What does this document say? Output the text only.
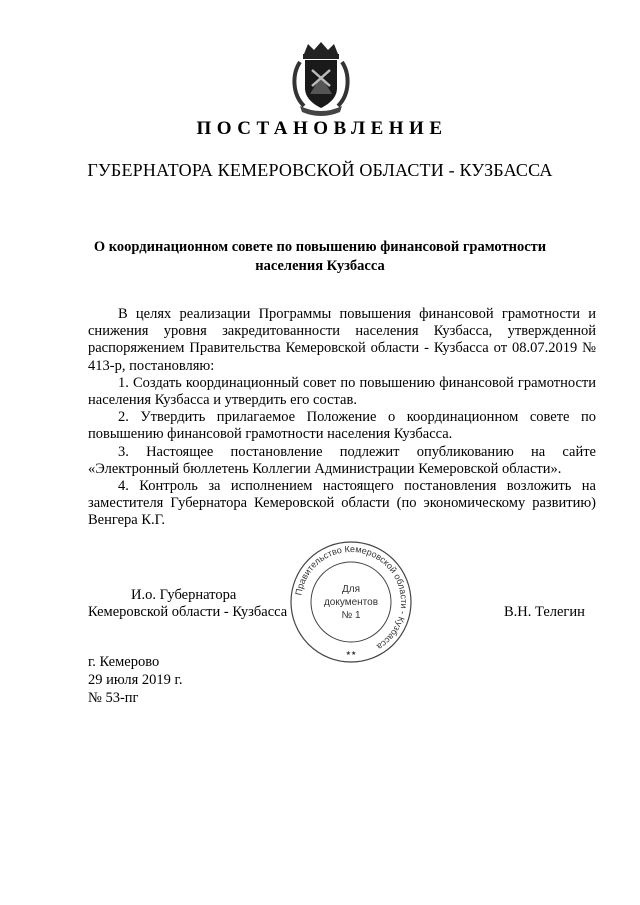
ПОСТАНОВЛЕНИЕ
ГУБЕРНАТОРА КЕМЕРОВСКОЙ ОБЛАСТИ - КУЗБАССА
О координационном совете по повышению финансовой грамотности
населения Кузбасса

В целях реализации Программы повышения финансовой грамотности и снижения уровня закредитованности населения Кузбасса, утвержденной распоряжением Правительства Кемеровской области - Кузбасса от 08.07.2019 № 413-р, постановляю:

1. Создать координационный совет по повышению финансовой грамотности населения Кузбасса и утвердить его состав.

2. Утвердить прилагаемое Положение о координационном совете по повышению финансовой грамотности населения Кузбасса.

3. Настоящее постановление подлежит опубликованию на сайте «Электронный бюллетень Коллегии Администрации Кемеровской области».

4. Контроль за исполнением настоящего постановления возложить на заместителя Губернатора Кемеровской области (по экономическому развитию) Венгера К.Г.

И.о. Губернатора
Кемеровской области - Кузбасса	В.Н. Телегин
Правительство Кемеровской области - Кузбасса
Для
документов
№ 1
★★
г. Кемерово
29 июля 2019 г.
№ 53-пг
